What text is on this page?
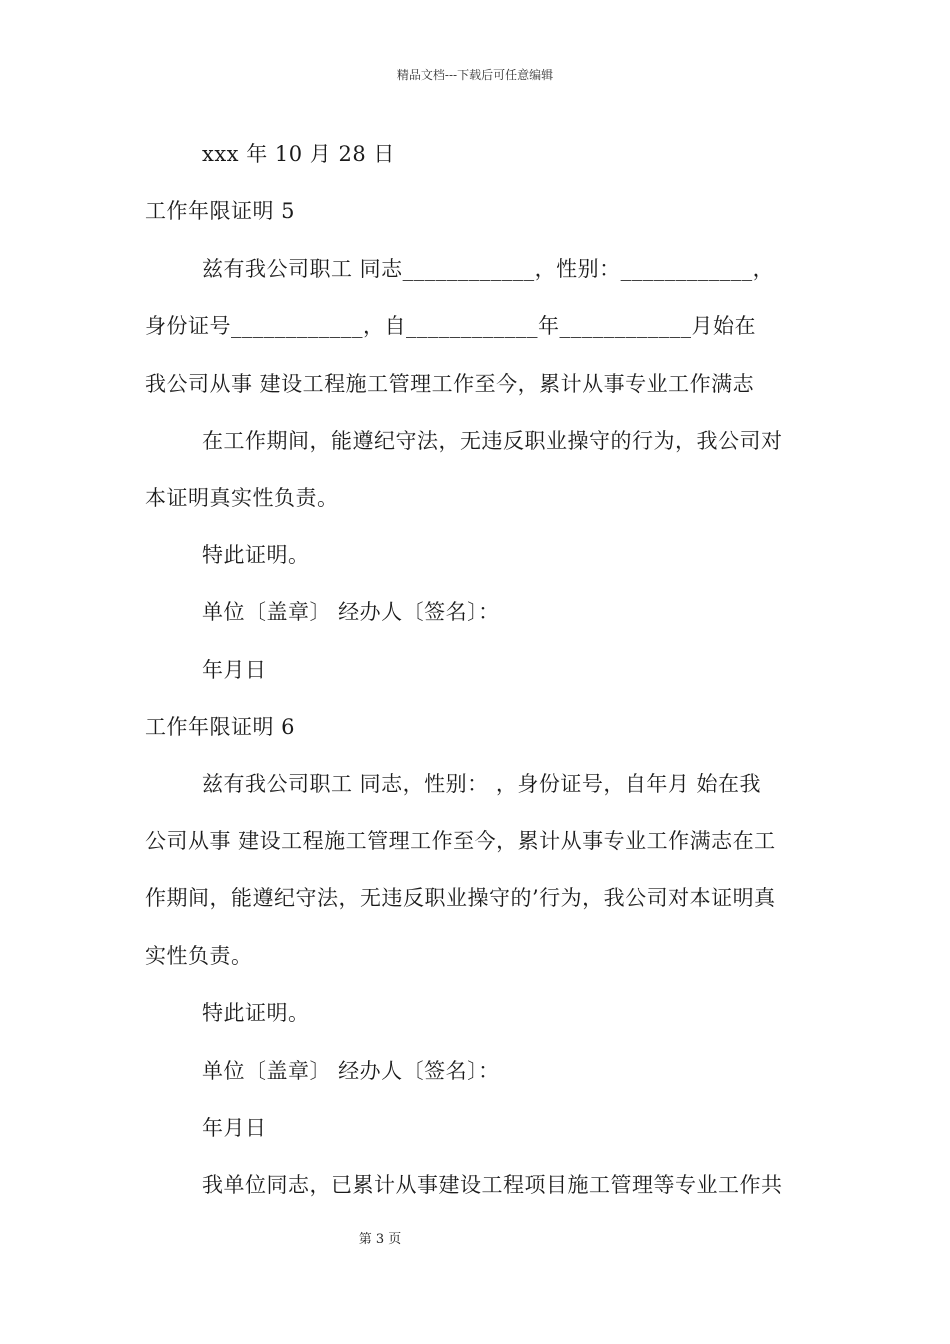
精品文档---下载后可任意编辑
xxx 年 10 月 28 日
工作年限证明 5
兹有我公司职工 同志____________，性别：____________，
身份证号____________，自____________年____________月始在
我公司从事 建设工程施工管理工作至今，累计从事专业工作满志
在工作期间，能遵纪守法，无违反职业操守的行为，我公司对
本证明真实性负责。
特此证明。
单位〔盖章〕 经办人〔签名〕：
年月日
工作年限证明 6
兹有我公司职工 同志，性别： ，身份证号，自年月 始在我
公司从事 建设工程施工管理工作至今，累计从事专业工作满志在工
作期间，能遵纪守法，无违反职业操守的’行为，我公司对本证明真
实性负责。
特此证明。
单位〔盖章〕 经办人〔签名〕：
年月日
我单位同志，已累计从事建设工程项目施工管理等专业工作共
第 3 页
